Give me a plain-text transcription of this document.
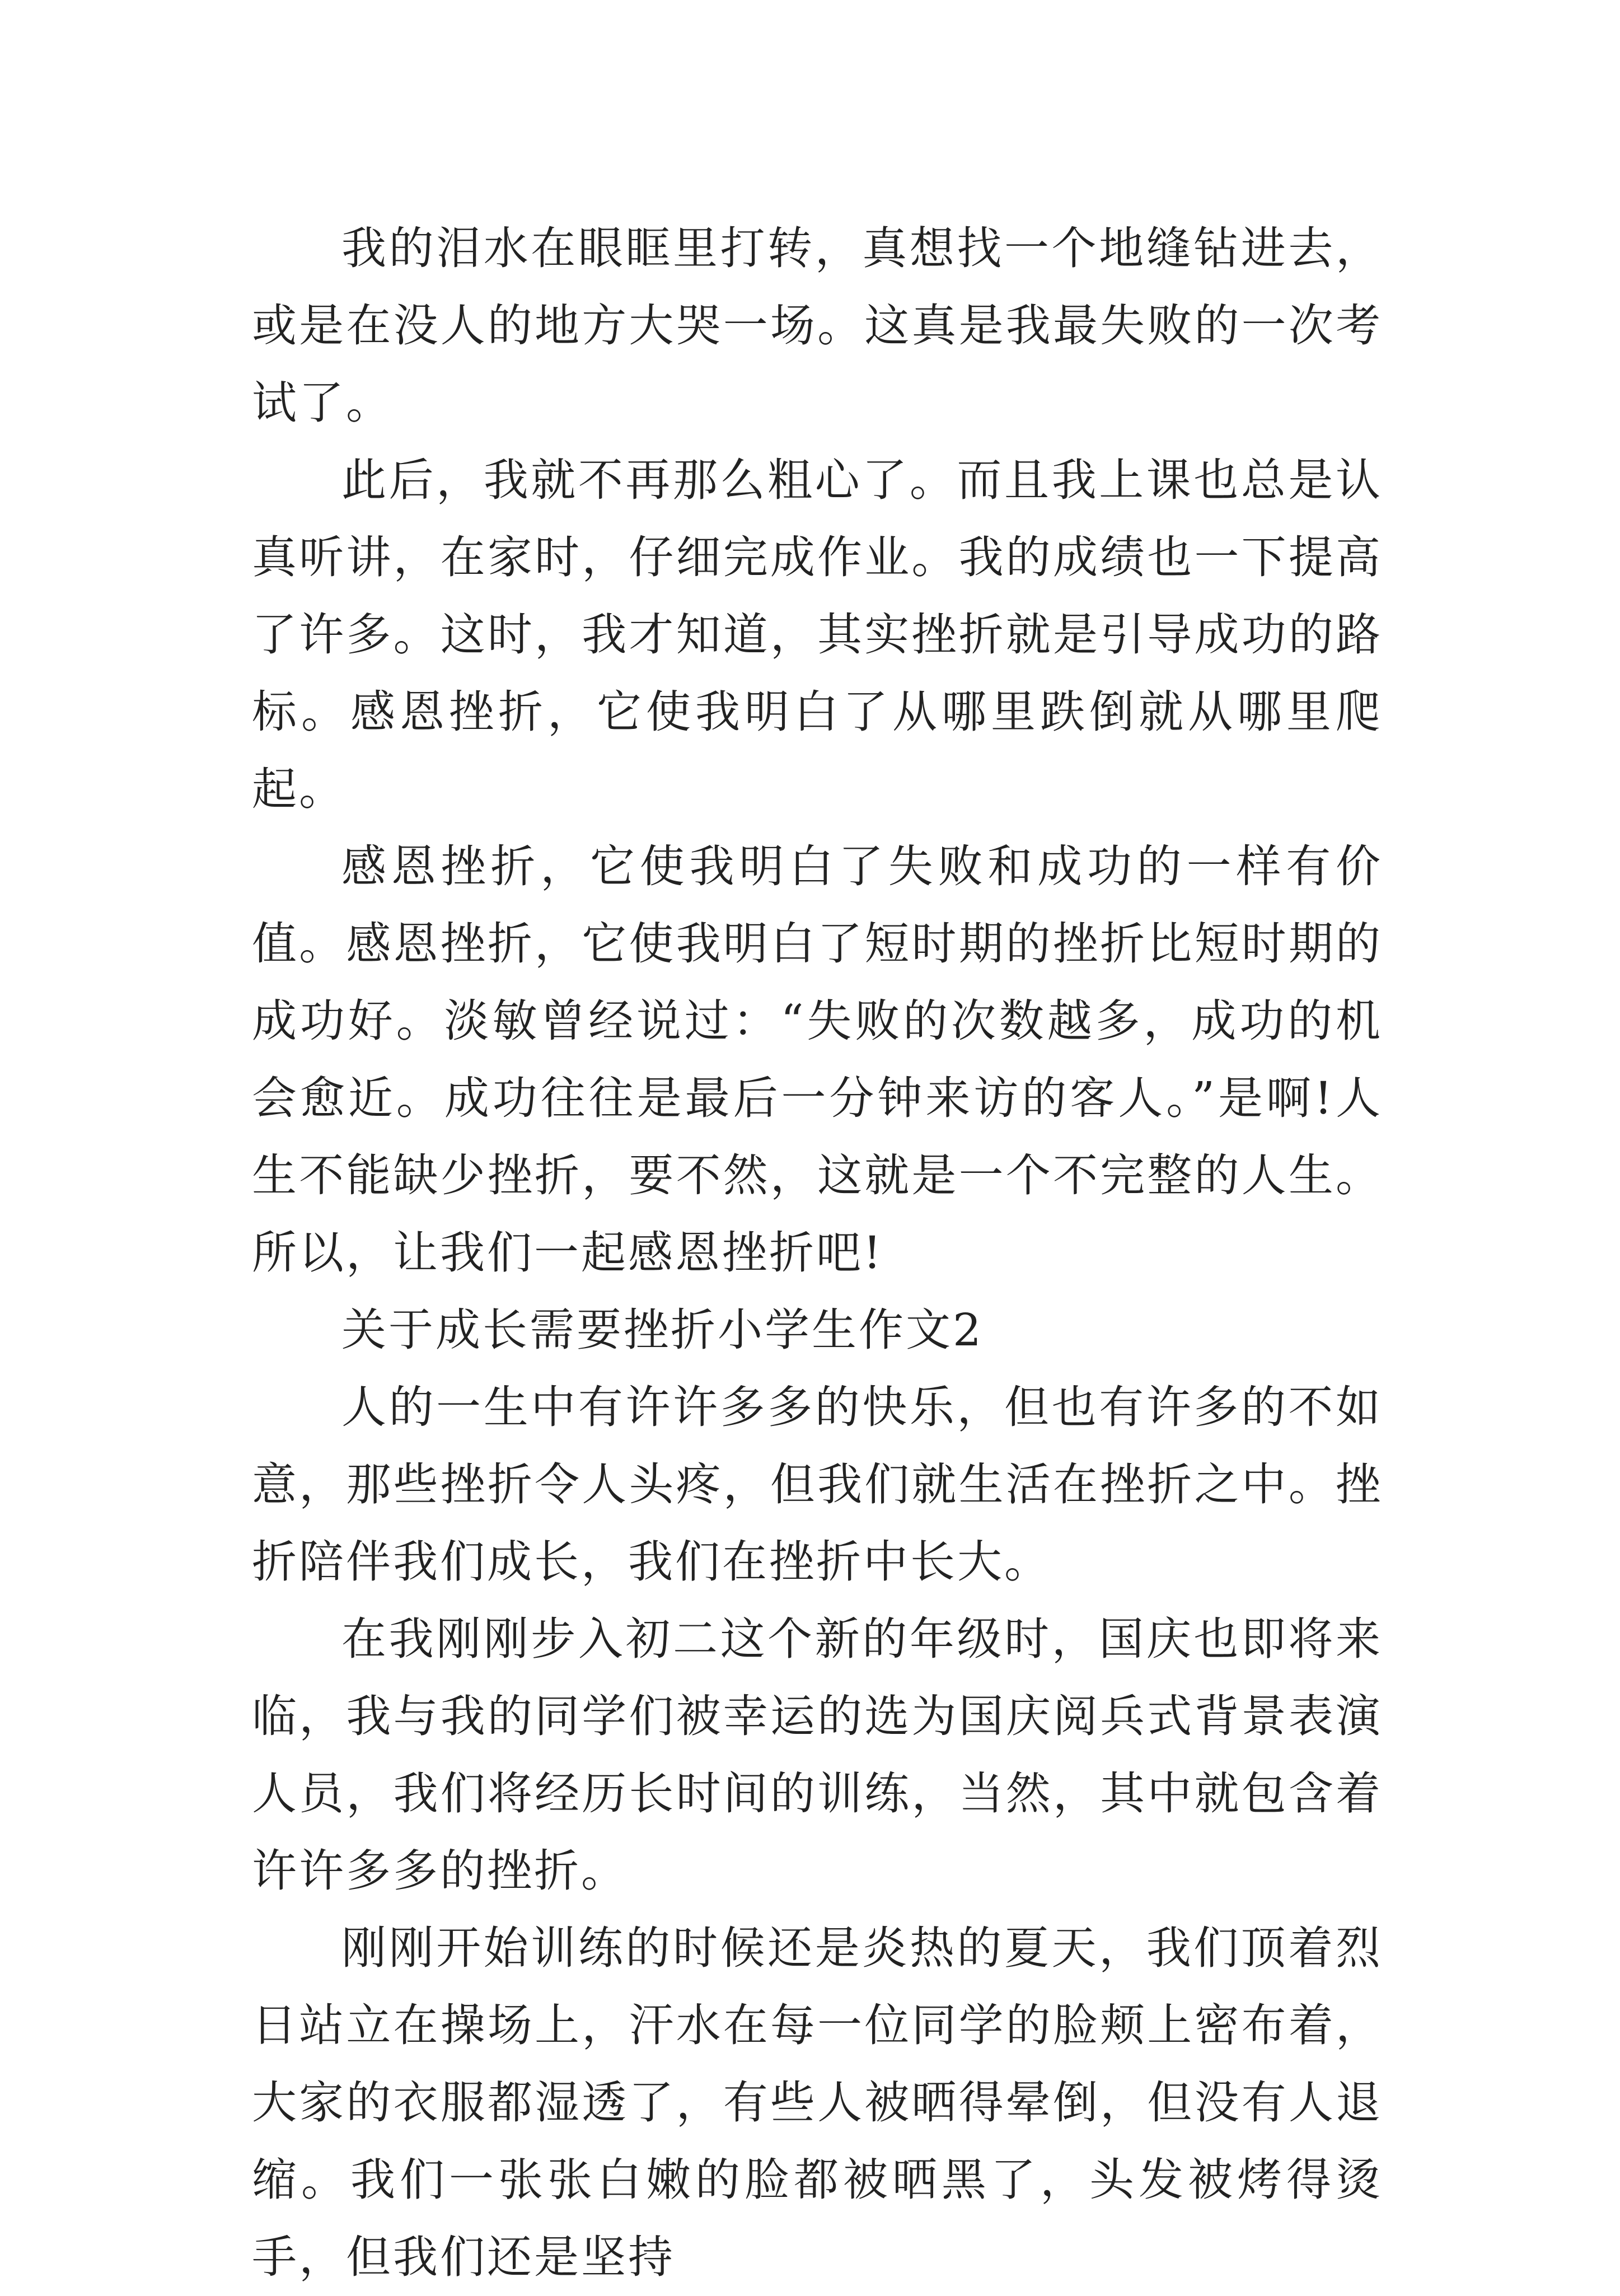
我的泪水在眼眶里打转，真想找一个地缝钻进去，或是在没人的地方大哭一场。这真是我最失败的一次考试了。

此后，我就不再那么粗心了。而且我上课也总是认真听讲，在家时，仔细完成作业。我的成绩也一下提高了许多。这时，我才知道，其实挫折就是引导成功的路标。感恩挫折，它使我明白了从哪里跌倒就从哪里爬起。

感恩挫折，它使我明白了失败和成功的一样有价值。感恩挫折，它使我明白了短时期的挫折比短时期的成功好。淡敏曾经说过：“失败的次数越多，成功的机会愈近。成功往往是最后一分钟来访的客人。”是啊!人生不能缺少挫折，要不然，这就是一个不完整的人生。所以，让我们一起感恩挫折吧!

关于成长需要挫折小学生作文2

人的一生中有许许多多的快乐，但也有许多的不如意，那些挫折令人头疼，但我们就生活在挫折之中。挫折陪伴我们成长，我们在挫折中长大。

在我刚刚步入初二这个新的年级时，国庆也即将来临，我与我的同学们被幸运的选为国庆阅兵式背景表演人员，我们将经历长时间的训练，当然，其中就包含着许许多多的挫折。

刚刚开始训练的时候还是炎热的夏天，我们顶着烈日站立在操场上，汗水在每一位同学的脸颊上密布着，大家的衣服都湿透了，有些人被晒得晕倒，但没有人退缩。我们一张张白嫩的脸都被晒黑了，头发被烤得烫手，但我们还是坚持
